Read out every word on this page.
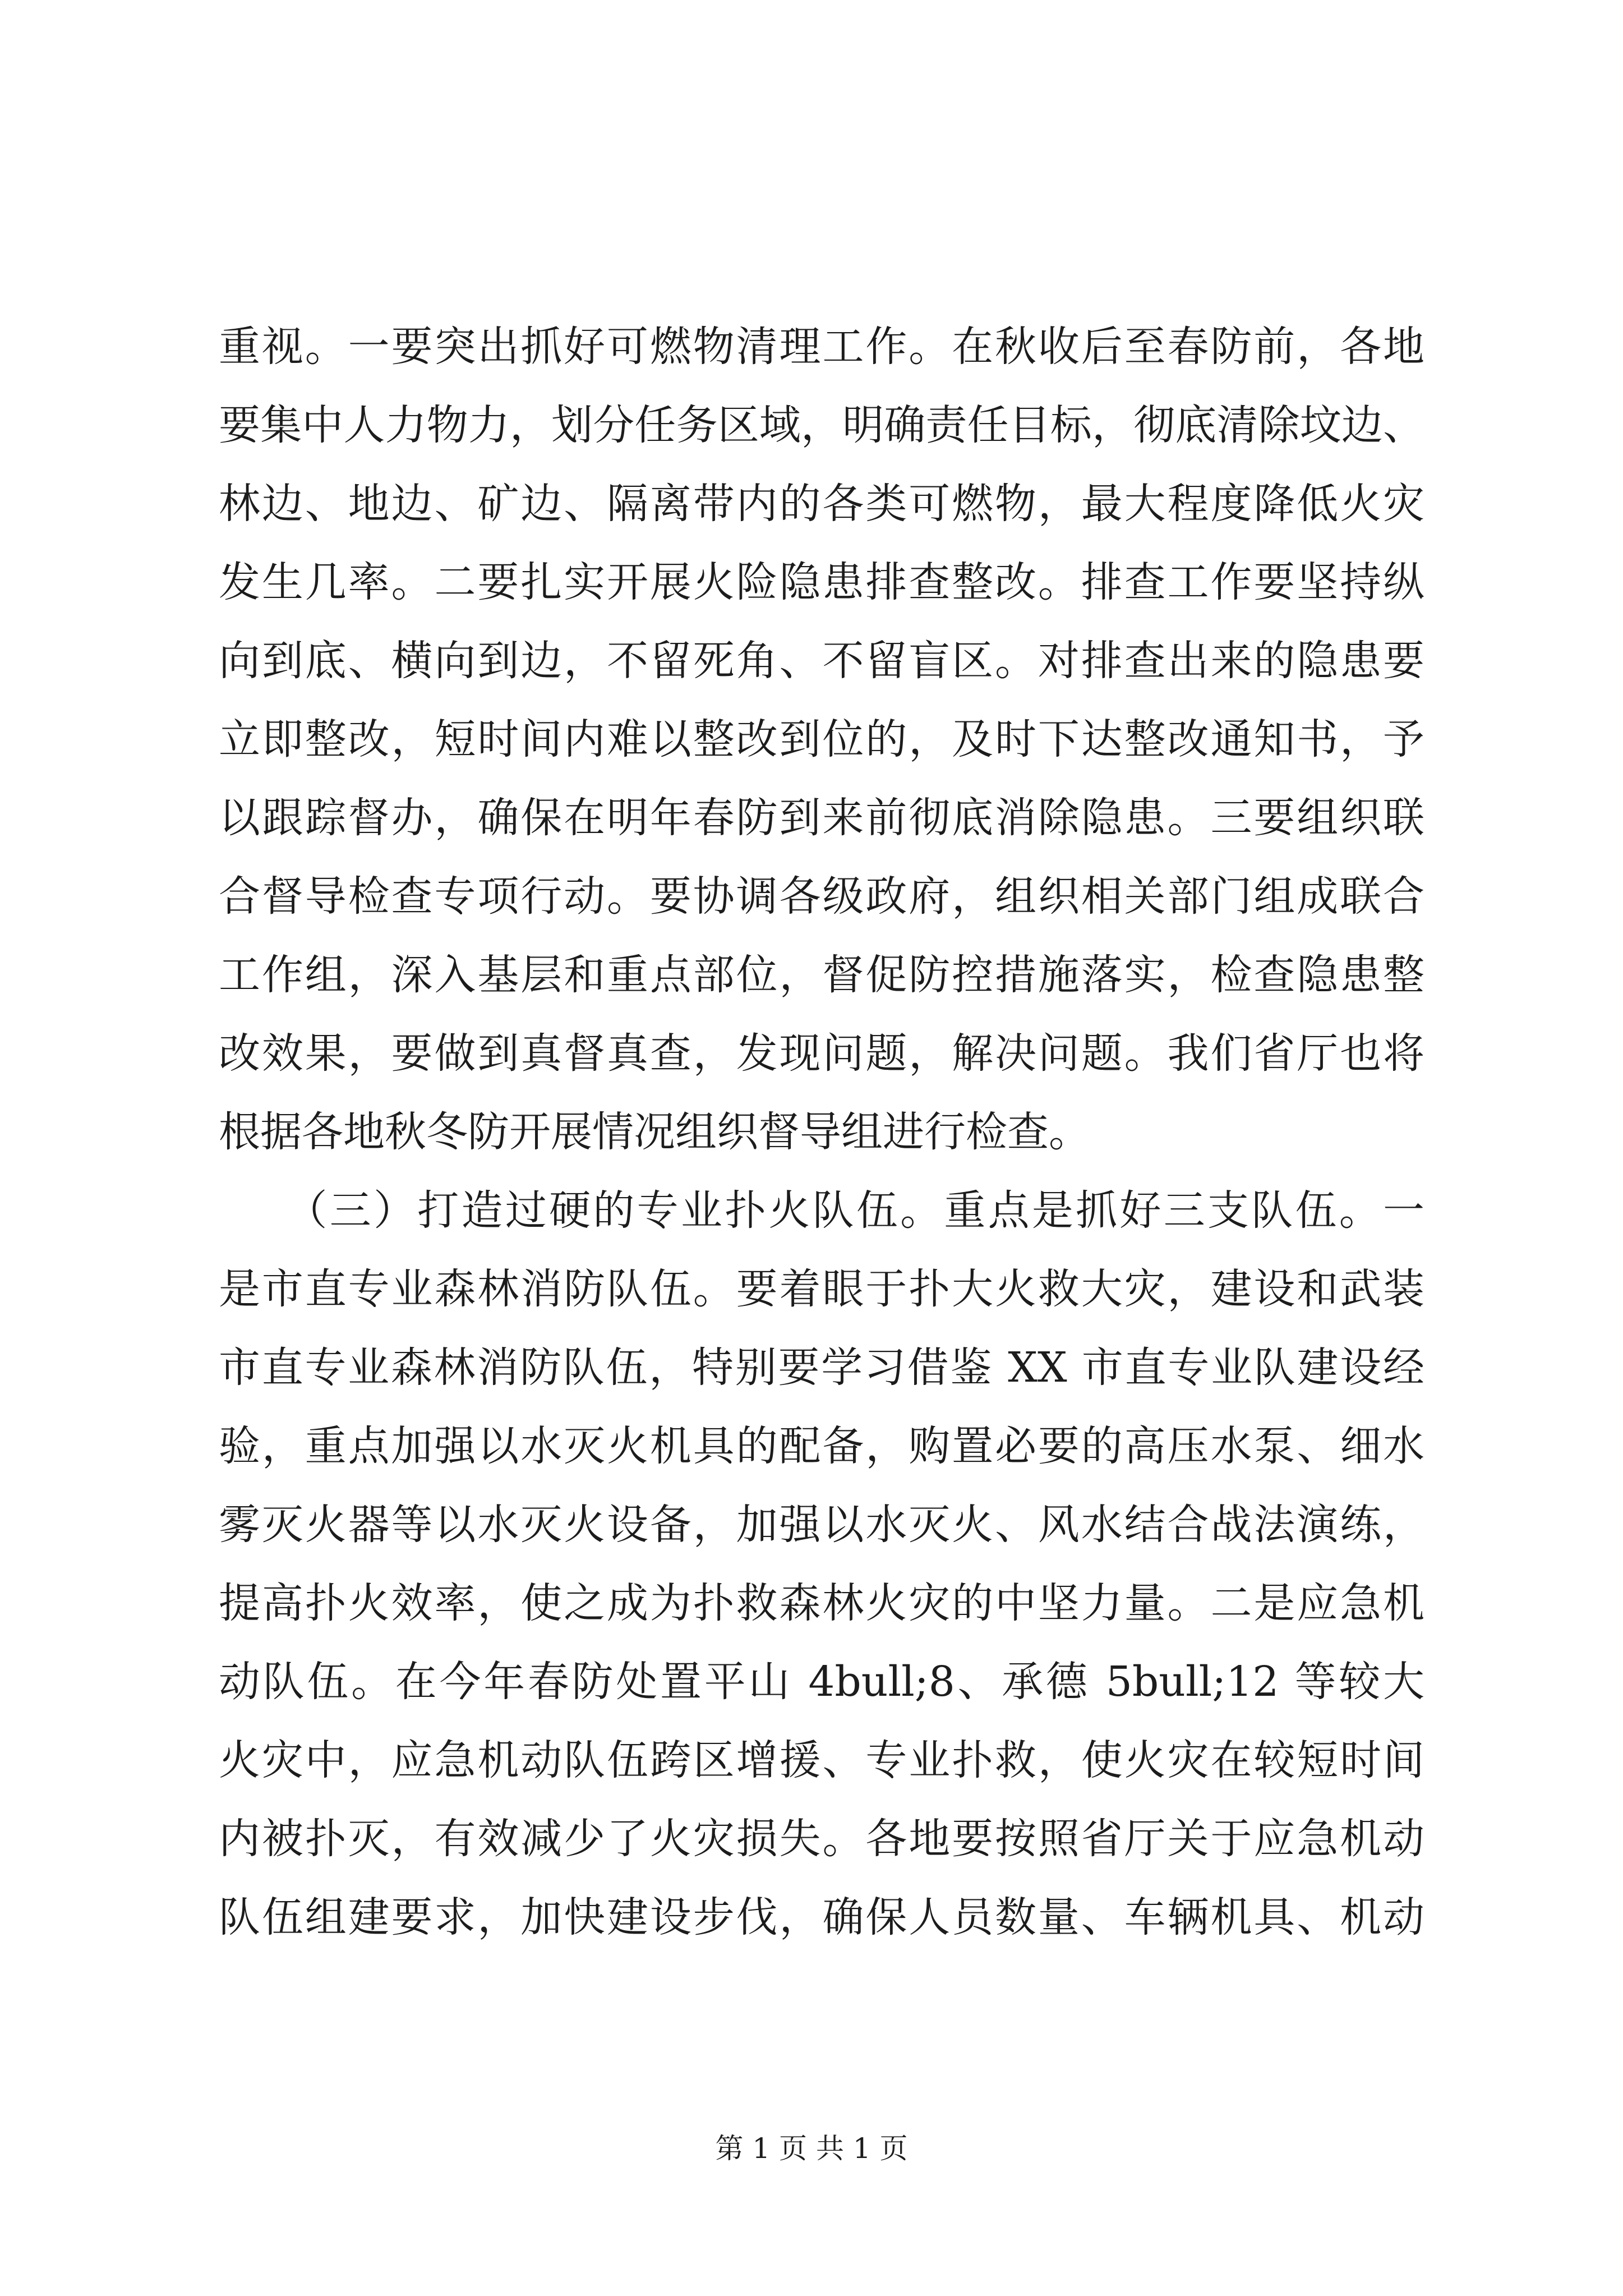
重视。一要突出抓好可燃物清理工作。在秋收后至春防前，各地
要集中人力物力，划分任务区域，明确责任目标，彻底清除坟边、
林边、地边、矿边、隔离带内的各类可燃物，最大程度降低火灾
发生几率。二要扎实开展火险隐患排查整改。排查工作要坚持纵
向到底、横向到边，不留死角、不留盲区。对排查出来的隐患要
立即整改，短时间内难以整改到位的，及时下达整改通知书，予
以跟踪督办，确保在明年春防到来前彻底消除隐患。三要组织联
合督导检查专项行动。要协调各级政府，组织相关部门组成联合
工作组，深入基层和重点部位，督促防控措施落实，检查隐患整
改效果，要做到真督真查，发现问题，解决问题。我们省厅也将
根据各地秋冬防开展情况组织督导组进行检查。
　　（三）打造过硬的专业扑火队伍。重点是抓好三支队伍。一
是市直专业森林消防队伍。要着眼于扑大火救大灾，建设和武装
市直专业森林消防队伍，特别要学习借鉴 XX 市直专业队建设经
验，重点加强以水灭火机具的配备，购置必要的高压水泵、细水
雾灭火器等以水灭火设备，加强以水灭火、风水结合战法演练，
提高扑火效率，使之成为扑救森林火灾的中坚力量。二是应急机
动队伍。在今年春防处置平山 4bull;8、承德 5bull;12 等较大
火灾中，应急机动队伍跨区增援、专业扑救，使火灾在较短时间
内被扑灭，有效减少了火灾损失。各地要按照省厅关于应急机动
队伍组建要求，加快建设步伐，确保人员数量、车辆机具、机动
第 1 页 共 1 页
